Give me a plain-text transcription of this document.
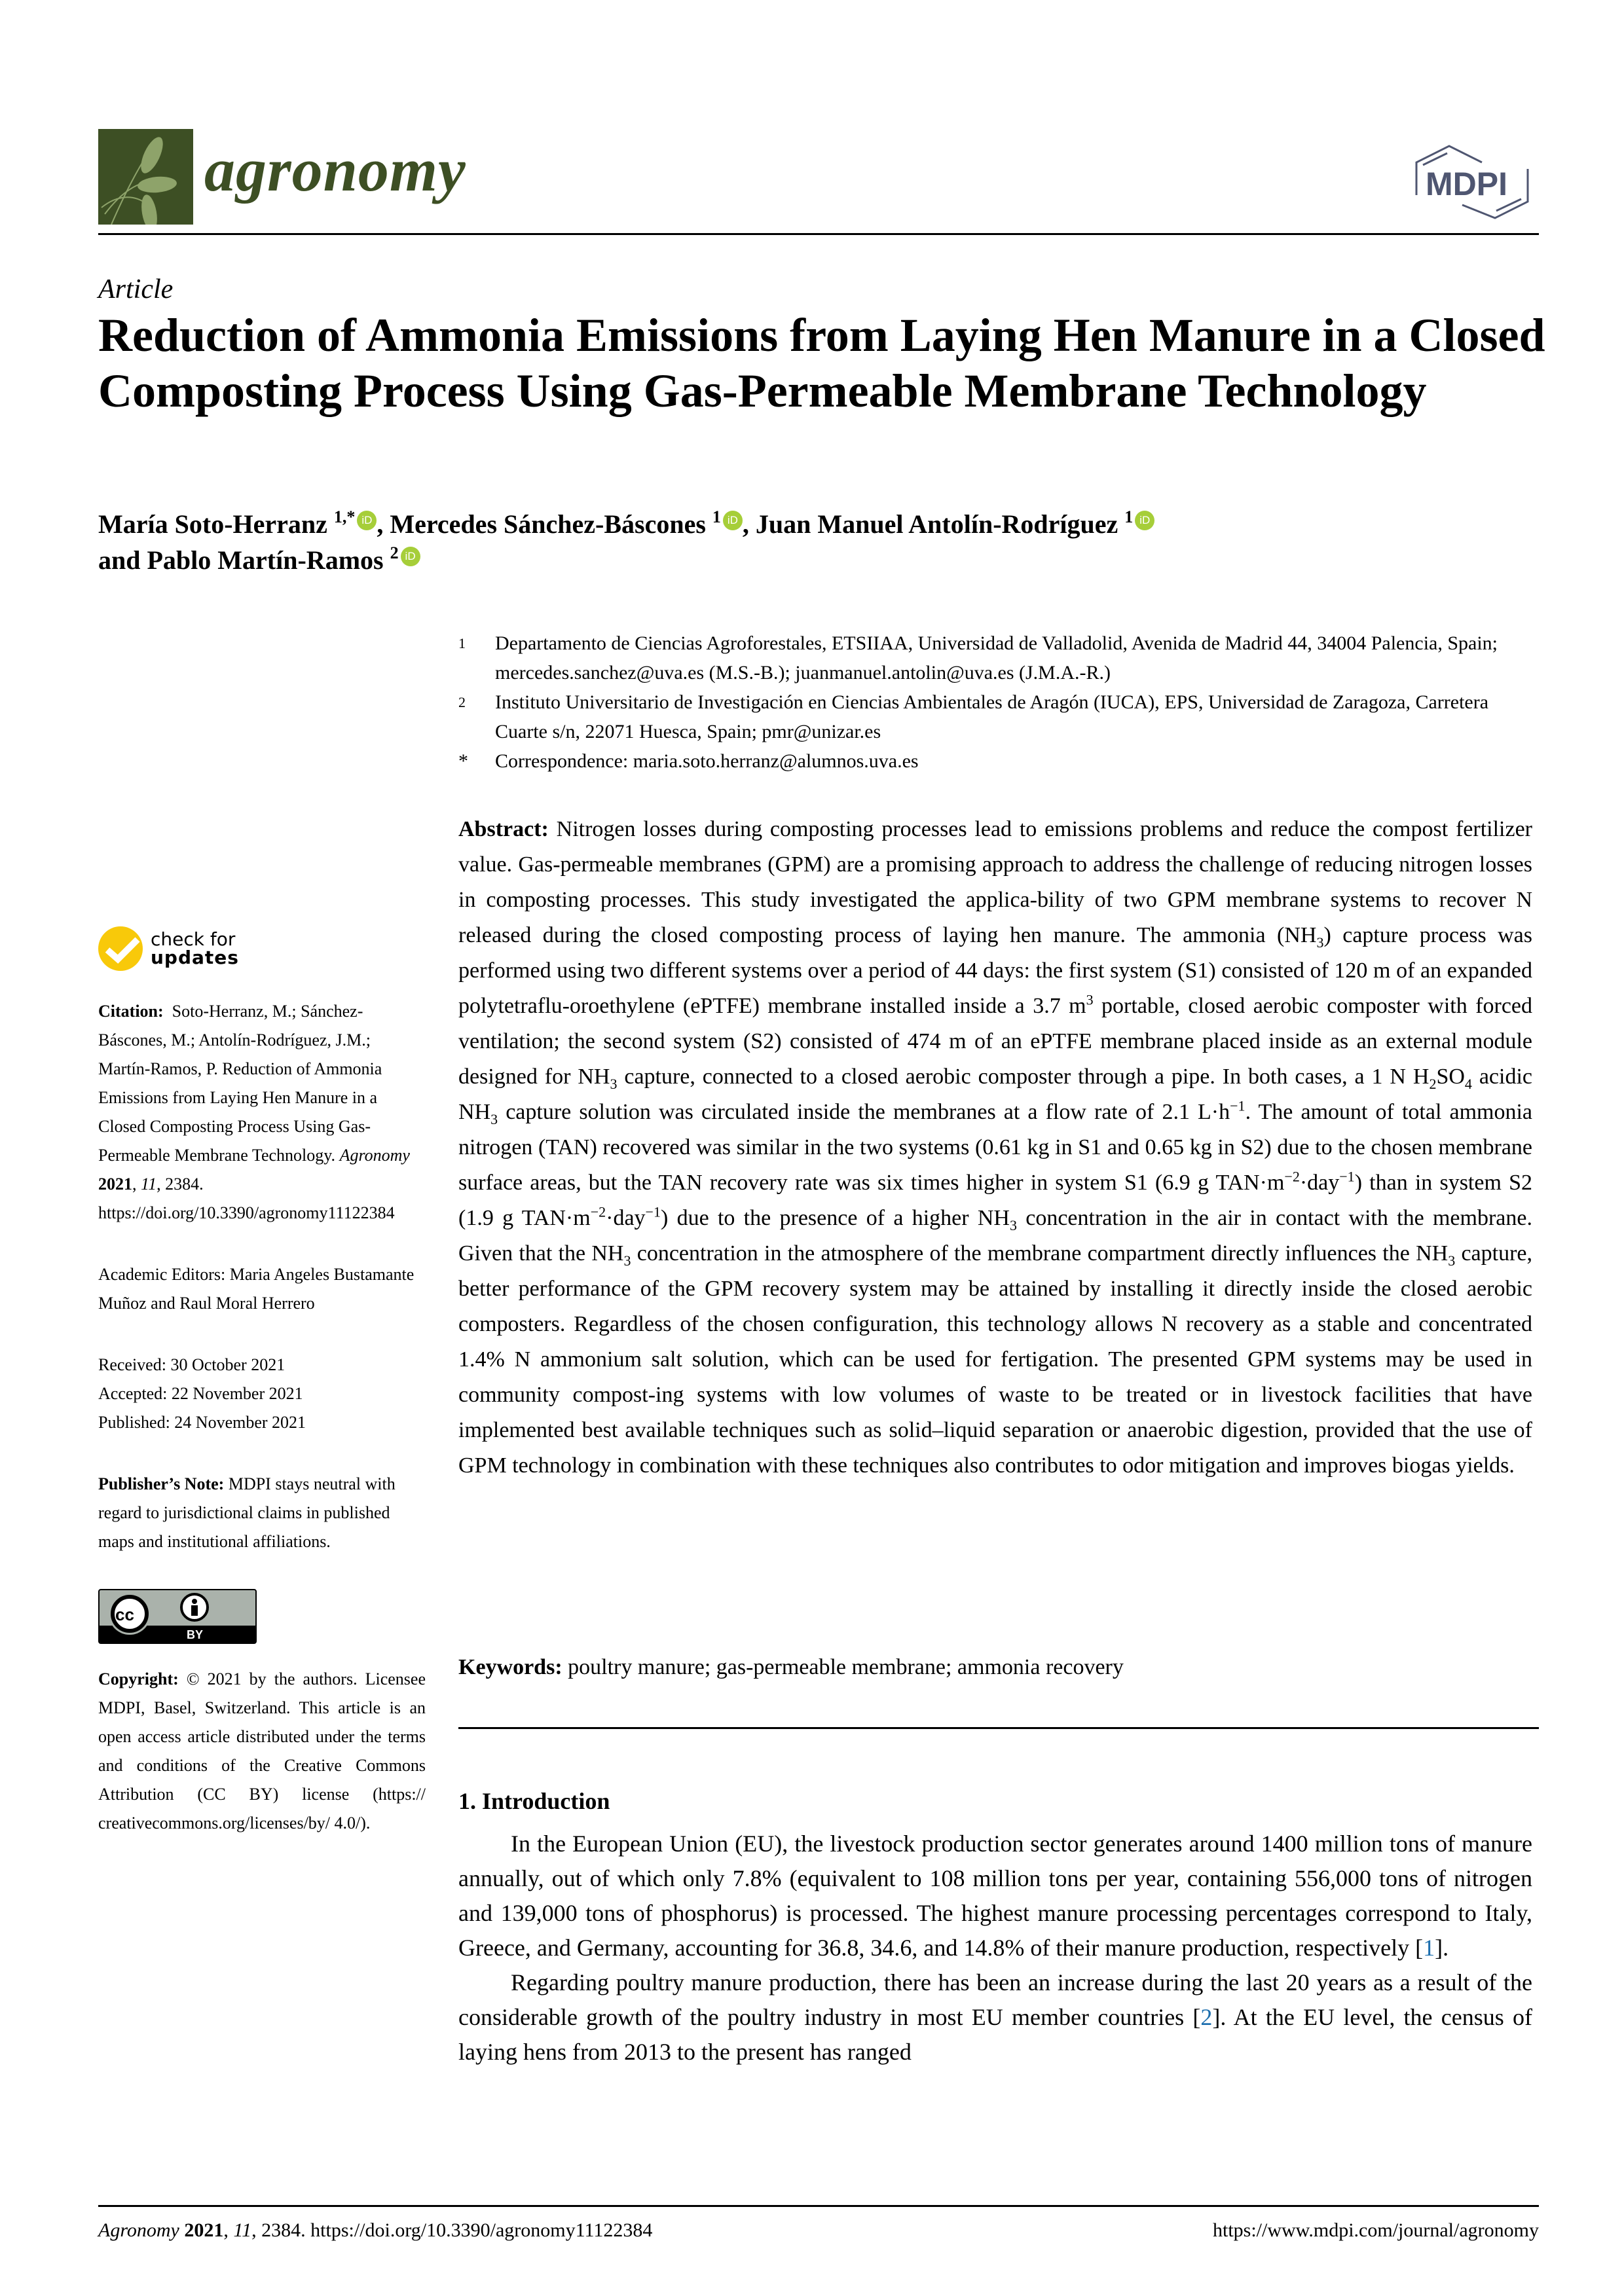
agronomy	MDPI
Article
Reduction of Ammonia Emissions from Laying Hen Manure in a Closed Composting Process Using Gas-Permeable Membrane Technology
María Soto-Herranz $^{1,*}$ iD , Mercedes Sánchez-Báscones $^1$ iD , Juan Manuel Antolín-Rodríguez $^1$ iD
and Pablo Martín-Ramos $^2$ iD
1	Departamento de Ciencias Agroforestales, ETSIIAA, Universidad de Valladolid, Avenida de Madrid 44, 34004 Palencia, Spain; mercedes.sanchez@uva.es (M.S.-B.); juanmanuel.antolin@uva.es (J.M.A.-R.)
2	Instituto Universitario de Investigación en Ciencias Ambientales de Aragón (IUCA), EPS, Universidad de Zaragoza, Carretera Cuarte s/n, 22071 Huesca, Spain; pmr@unizar.es
*	Correspondence: maria.soto.herranz@alumnos.uva.es
Abstract: Nitrogen losses during composting processes lead to emissions problems and reduce the compost fertilizer value. Gas-permeable membranes (GPM) are a promising approach to address the challenge of reducing nitrogen losses in composting processes. This study investigated the applica-bility of two GPM membrane systems to recover N released during the closed composting process of laying hen manure. The ammonia $(NH_3)$ capture process was performed using two different systems over a period of 44 days: the first system (S1) consisted of 120 m of an expanded polytetraflu-oroethylene (ePTFE) membrane installed inside a 3.7 $m^3$ portable, closed aerobic composter with forced ventilation; the second system (S2) consisted of 474 m of an ePTFE membrane placed inside as an external module designed for $NH_3$ capture, connected to a closed aerobic composter through a pipe. In both cases, a 1 N $H_2SO_4$ acidic $NH_3$ capture solution was circulated inside the membranes at a flow rate of 2.1 $L\cdot h^{-1}$. The amount of total ammonia nitrogen (TAN) recovered was similar in the two systems (0.61 kg in S1 and 0.65 kg in S2) due to the chosen membrane surface areas, but the TAN recovery rate was six times higher in system S1 (6.9 g $TAN\cdot m^{-2}\cdot day^{-1}$) than in system S2 (1.9 g $TAN\cdot m^{-2}\cdot day^{-1}$) due to the presence of a higher $NH_3$ concentration in the air in contact with the membrane. Given that the $NH_3$ concentration in the atmosphere of the membrane compartment directly influences the $NH_3$ capture, better performance of the GPM recovery system may be attained by installing it directly inside the closed aerobic composters. Regardless of the chosen configuration, this technology allows N recovery as a stable and concentrated 1.4% N ammonium salt solution, which can be used for fertigation. The presented GPM systems may be used in community compost-ing systems with low volumes of waste to be treated or in livestock facilities that have implemented best available techniques such as solid–liquid separation or anaerobic digestion, provided that the use of GPM technology in combination with these techniques also contributes to odor mitigation and improves biogas yields.
Keywords: poultry manure; gas-permeable membrane; ammonia recovery
1. Introduction

In the European Union (EU), the livestock production sector generates around 1400 million tons of manure annually, out of which only 7.8% (equivalent to 108 million tons per year, containing 556,000 tons of nitrogen and 139,000 tons of phosphorus) is processed. The highest manure processing percentages correspond to Italy, Greece, and Germany, accounting for 36.8, 34.6, and 14.8% of their manure production, respectively [1].

Regarding poultry manure production, there has been an increase during the last 20 years as a result of the considerable growth of the poultry industry in most EU member countries [2]. At the EU level, the census of laying hens from 2013 to the present has ranged

check for
updates
Citation: Soto-Herranz, M.; Sánchez-Báscones, M.; Antolín-Rodríguez, J.M.; Martín-Ramos, P. Reduction of Ammonia Emissions from Laying Hen Manure in a Closed Composting Process Using Gas-Permeable Membrane Technology. Agronomy
2021, 11, 2384. https://doi.org/10.3390/agronomy11122384
Academic Editors: Maria Angeles Bustamante Muñoz and Raul Moral Herrero
Received: 30 October 2021
Accepted: 22 November 2021
Published: 24 November 2021
Publisher’s Note: MDPI stays neutral with regard to jurisdictional claims in published maps and institutional affiliations.
cc
BY
Copyright: © 2021 by the authors. Licensee MDPI, Basel, Switzerland. This article is an open access article distributed under the terms and conditions of the Creative Commons Attribution (CC BY) license (https:// creativecommons.org/licenses/by/ 4.0/).
Agronomy 2021, 11, 2384. https://doi.org/10.3390/agronomy11122384	https://www.mdpi.com/journal/agronomy
